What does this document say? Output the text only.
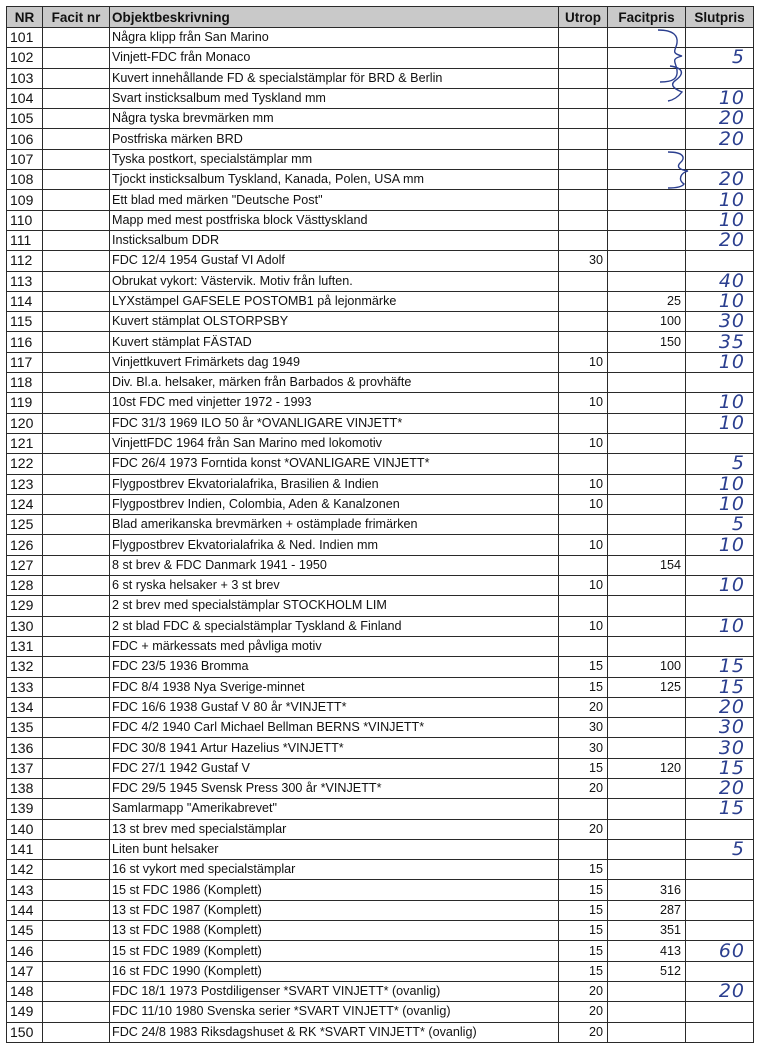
NR	Facit nr	Objektbeskrivning	Utrop	Facitpris	Slutpris
101		Några klipp från San Marino			
102		Vinjett-FDC från Monaco			5
103		Kuvert innehållande FD & specialstämplar för BRD & Berlin			
104		Svart insticksalbum med Tyskland mm			10
105		Några tyska brevmärken mm			20
106		Postfriska märken BRD			20
107		Tyska postkort, specialstämplar mm			
108		Tjockt insticksalbum Tyskland, Kanada, Polen, USA mm			20
109		Ett blad med märken "Deutsche Post"			10
110		Mapp med mest postfriska block Västtyskland			10
111		Insticksalbum DDR			20
112		FDC 12/4 1954 Gustaf VI Adolf	30		
113		Obrukat vykort: Västervik. Motiv från luften.			40
114		LYXstämpel GAFSELE POSTOMB1 på lejonmärke		25	10
115		Kuvert stämplat OLSTORPSBY		100	30
116		Kuvert stämplat FÄSTAD		150	35
117		Vinjettkuvert Frimärkets dag 1949	10		10
118		Div. Bl.a. helsaker, märken från Barbados & provhäfte			
119		10st FDC med vinjetter 1972 - 1993	10		10
120		FDC 31/3 1969 ILO 50 år *OVANLIGARE VINJETT*			10
121		VinjettFDC 1964 från San Marino med lokomotiv	10		
122		FDC 26/4 1973 Forntida konst *OVANLIGARE VINJETT*			5
123		Flygpostbrev Ekvatorialafrika, Brasilien & Indien	10		10
124		Flygpostbrev Indien, Colombia, Aden & Kanalzonen	10		10
125		Blad amerikanska brevmärken + ostämplade frimärken			5
126		Flygpostbrev Ekvatorialafrika & Ned. Indien mm	10		10
127		8 st brev & FDC Danmark 1941 - 1950		154	
128		6 st ryska helsaker + 3 st brev	10		10
129		2 st brev med specialstämplar STOCKHOLM LIM			
130		2 st blad FDC & specialstämplar Tyskland & Finland	10		10
131		FDC + märkessats med påvliga motiv			
132		FDC 23/5 1936 Bromma	15	100	15
133		FDC 8/4 1938 Nya Sverige-minnet	15	125	15
134		FDC 16/6 1938 Gustaf V 80 år *VINJETT*	20		20
135		FDC 4/2 1940 Carl Michael Bellman BERNS *VINJETT*	30		30
136		FDC 30/8 1941 Artur Hazelius *VINJETT*	30		30
137		FDC 27/1 1942 Gustaf V	15	120	15
138		FDC 29/5 1945 Svensk Press 300 år *VINJETT*	20		20
139		Samlarmapp "Amerikabrevet"			15
140		13 st brev med specialstämplar	20		
141		Liten bunt helsaker			5
142		16 st vykort med specialstämplar	15		
143		15 st FDC 1986 (Komplett)	15	316	
144		13 st FDC 1987 (Komplett)	15	287	
145		13 st FDC 1988 (Komplett)	15	351	
146		15 st FDC 1989 (Komplett)	15	413	60
147		16 st FDC 1990 (Komplett)	15	512	
148		FDC 18/1 1973 Postdiligenser *SVART VINJETT* (ovanlig)	20		20
149		FDC 11/10 1980 Svenska serier *SVART VINJETT* (ovanlig)	20		
150		FDC 24/8 1983 Riksdagshuset & RK *SVART VINJETT* (ovanlig)	20		
